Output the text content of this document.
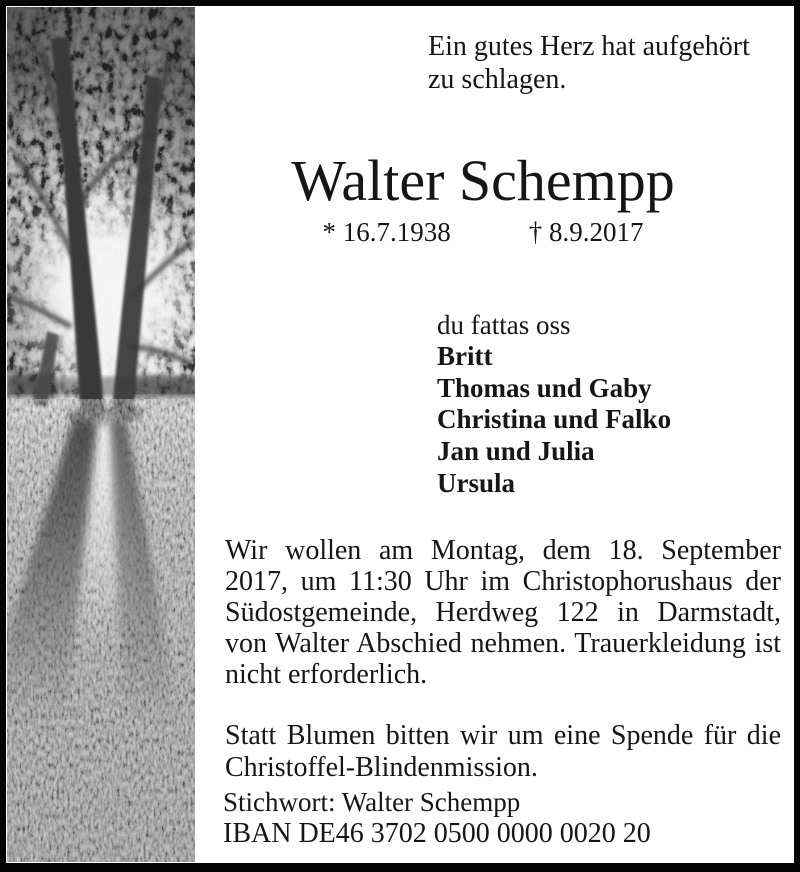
Ein gutes Herz hat aufgehört
zu schlagen.
Walter Schempp
* 16.7.1938	† 8.9.2017
du fattas oss
Britt
Thomas und Gaby
Christina und Falko
Jan und Julia
Ursula

Wir wollen am Montag, dem 18. September 2017, um 11:30 Uhr im Christophorushaus der Südostgemeinde, Herdweg 122 in Darmstadt, von Walter Abschied nehmen. Trauerkleidung ist nicht erforderlich.

Statt Blumen bitten wir um eine Spende für die Christoffel-Blindenmission.

Stichwort: Walter Schempp
IBAN DE46 3702 0500 0000 0020 20
